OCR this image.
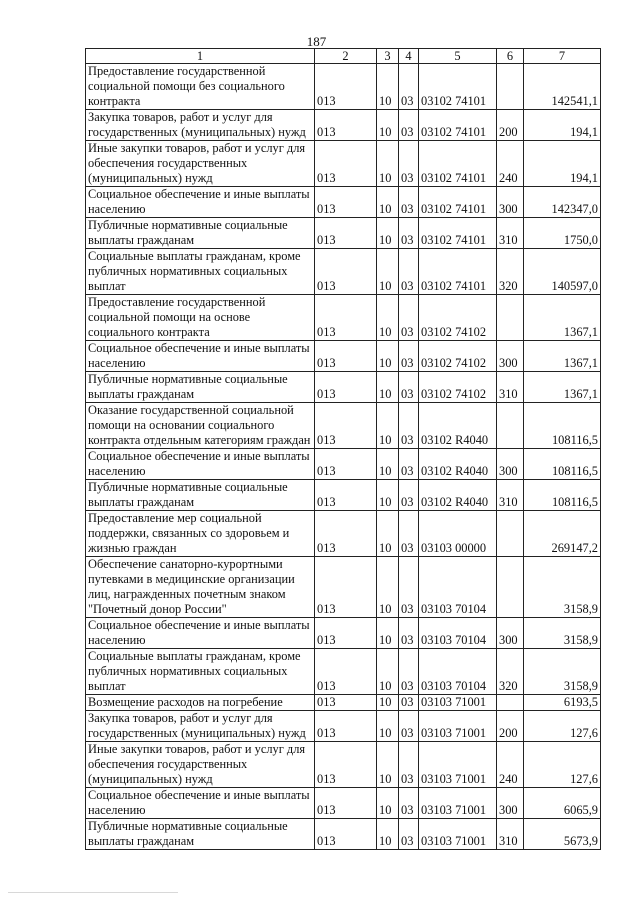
187
1	2	3	4	5	6	7
Предоставление государственной социальной помощи без социального контракта	013	10	03	03102 74101		142541,1
Закупка товаров, работ и услуг для государственных (муниципальных) нужд	013	10	03	03102 74101	200	194,1
Иные закупки товаров, работ и услуг для обеспечения государственных (муниципальных) нужд	013	10	03	03102 74101	240	194,1
Социальное обеспечение и иные выплаты населению	013	10	03	03102 74101	300	142347,0
Публичные нормативные социальные выплаты гражданам	013	10	03	03102 74101	310	1750,0
Социальные выплаты гражданам, кроме публичных нормативных социальных выплат	013	10	03	03102 74101	320	140597,0
Предоставление государственной социальной помощи на основе социального контракта	013	10	03	03102 74102		1367,1
Социальное обеспечение и иные выплаты населению	013	10	03	03102 74102	300	1367,1
Публичные нормативные социальные выплаты гражданам	013	10	03	03102 74102	310	1367,1
Оказание государственной социальной помощи на основании социального контракта отдельным категориям граждан	013	10	03	03102 R4040		108116,5
Социальное обеспечение и иные выплаты населению	013	10	03	03102 R4040	300	108116,5
Публичные нормативные социальные выплаты гражданам	013	10	03	03102 R4040	310	108116,5
Предоставление мер социальной поддержки, связанных со здоровьем и жизнью граждан	013	10	03	03103 00000		269147,2
Обеспечение санаторно-курортными путевками в медицинские организации лиц, награжденных почетным знаком "Почетный донор России"	013	10	03	03103 70104		3158,9
Социальное обеспечение и иные выплаты населению	013	10	03	03103 70104	300	3158,9
Социальные выплаты гражданам, кроме публичных нормативных социальных выплат	013	10	03	03103 70104	320	3158,9
Возмещение расходов на погребение	013	10	03	03103 71001		6193,5
Закупка товаров, работ и услуг для государственных (муниципальных) нужд	013	10	03	03103 71001	200	127,6
Иные закупки товаров, работ и услуг для обеспечения государственных (муниципальных) нужд	013	10	03	03103 71001	240	127,6
Социальное обеспечение и иные выплаты населению	013	10	03	03103 71001	300	6065,9
Публичные нормативные социальные выплаты гражданам	013	10	03	03103 71001	310	5673,9
